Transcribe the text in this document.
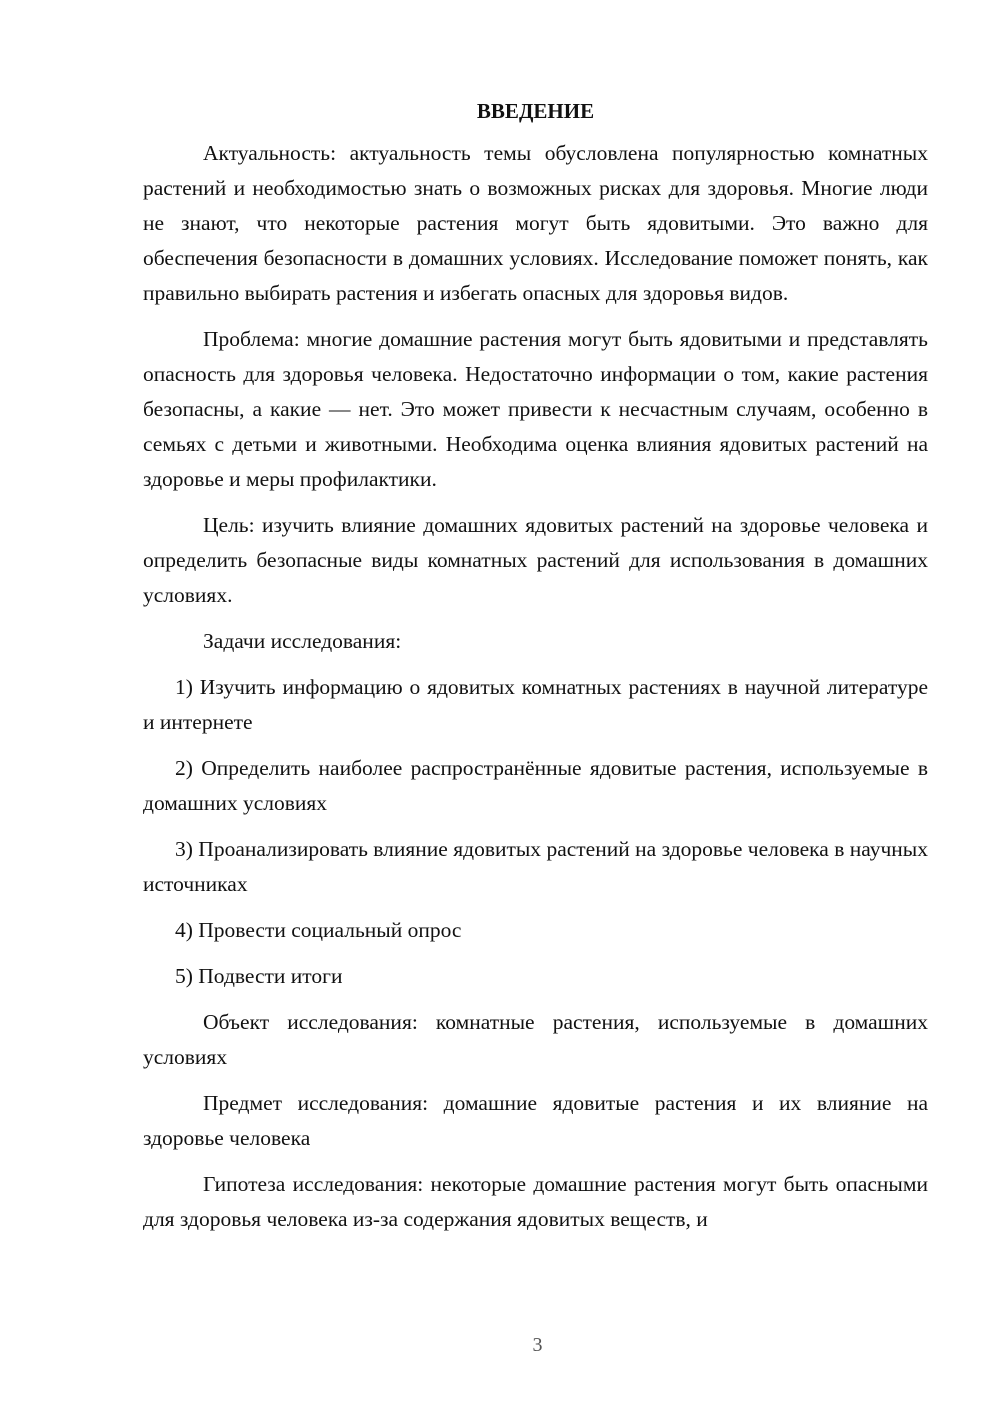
ВВЕДЕНИЕ

Актуальность: актуальность темы обусловлена популярностью комнатных растений и необходимостью знать о возможных рисках для здоровья. Многие люди не знают, что некоторые растения могут быть ядовитыми. Это важно для обеспечения безопасности в домашних условиях. Исследование поможет понять, как правильно выбирать растения и избегать опасных для здоровья видов.

Проблема: многие домашние растения могут быть ядовитыми и представлять опасность для здоровья человека. Недостаточно информации о том, какие растения безопасны, а какие — нет. Это может привести к несчастным случаям, особенно в семьях с детьми и животными. Необходима оценка влияния ядовитых растений на здоровье и меры профилактики.

Цель: изучить влияние домашних ядовитых растений на здоровье человека и определить безопасные виды комнатных растений для использования в домашних условиях.

Задачи исследования:

1) Изучить информацию о ядовитых комнатных растениях в научной литературе и интернете

2) Определить наиболее распространённые ядовитые растения, используемые в домашних условиях

3) Проанализировать влияние ядовитых растений на здоровье человека в научных источниках

4) Провести социальный опрос

5) Подвести итоги

Объект исследования: комнатные растения, используемые в домашних условиях

Предмет исследования: домашние ядовитые растения и их влияние на здоровье человека

Гипотеза исследования: некоторые домашние растения могут быть опасными для здоровья человека из-за содержания ядовитых веществ, и

3
